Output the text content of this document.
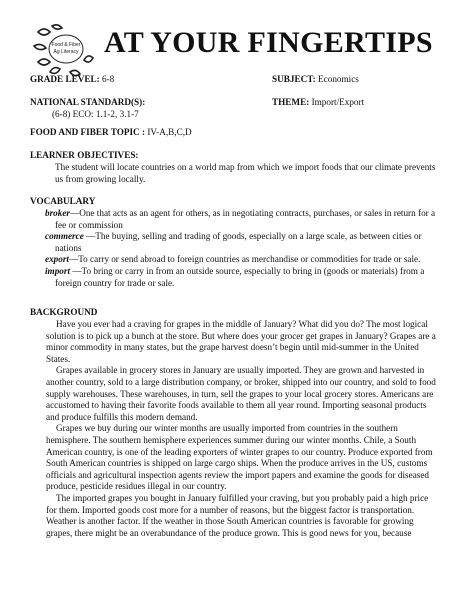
Food & Fiber
Ag Literacy AT YOUR FINGERTIPS
GRADE LEVEL: 6-8	SUBJECT: Economics
NATIONAL STANDARD(S):	THEME: Import/Export
(6-8) ECO: 1.1-2, 3.1-7
FOOD AND FIBER TOPIC : IV-A,B,C,D
LEARNER OBJECTIVES:
The student will locate countries on a world map from which we import foods that our climate prevents us from growing locally.
VOCABULARY

broker—One that acts as an agent for others, as in negotiating contracts, purchases, or sales in return for a fee or commission

commerce —The buying, selling and trading of goods, especially on a large scale, as between cities or nations

export—To carry or send abroad to foreign countries as merchandise or commodities for trade or sale.

import —To bring or carry in from an outside source, especially to bring in (goods or materials) from a foreign country for trade or sale.

BACKGROUND

Have you ever had a craving for grapes in the middle of January? What did you do? The most logical solution is to pick up a bunch at the store. But where does your grocer get grapes in January? Grapes are a minor commodity in many states, but the grape harvest doesn’t begin until mid-summer in the United States.

Grapes available in grocery stores in January are usually imported. They are grown and harvested in another country, sold to a large distribution company, or broker, shipped into our country, and sold to food supply warehouses. These warehouses, in turn, sell the grapes to your local grocery stores. Americans are accustomed to having their favorite foods available to them all year round. Importing seasonal products and produce fulfills this modern demand.

Grapes we buy during our winter months are usually imported from countries in the southern hemisphere. The southern hemisphere experiences summer during our winter months. Chile, a South American country, is one of the leading exporters of winter grapes to our country. Produce exported from South American countries is shipped on large cargo ships. When the produce arrives in the US, customs officials and agricultural inspection agents review the import papers and examine the goods for diseased produce, pesticide residues illegal in our country.

The imported grapes you bought in January fulfilled your craving, but you probably paid a high price for them. Imported goods cost more for a number of reasons, but the biggest factor is transportation. Weather is another factor. If the weather in those South American countries is favorable for growing grapes, there might be an overabundance of the produce grown. This is good news for you, because
